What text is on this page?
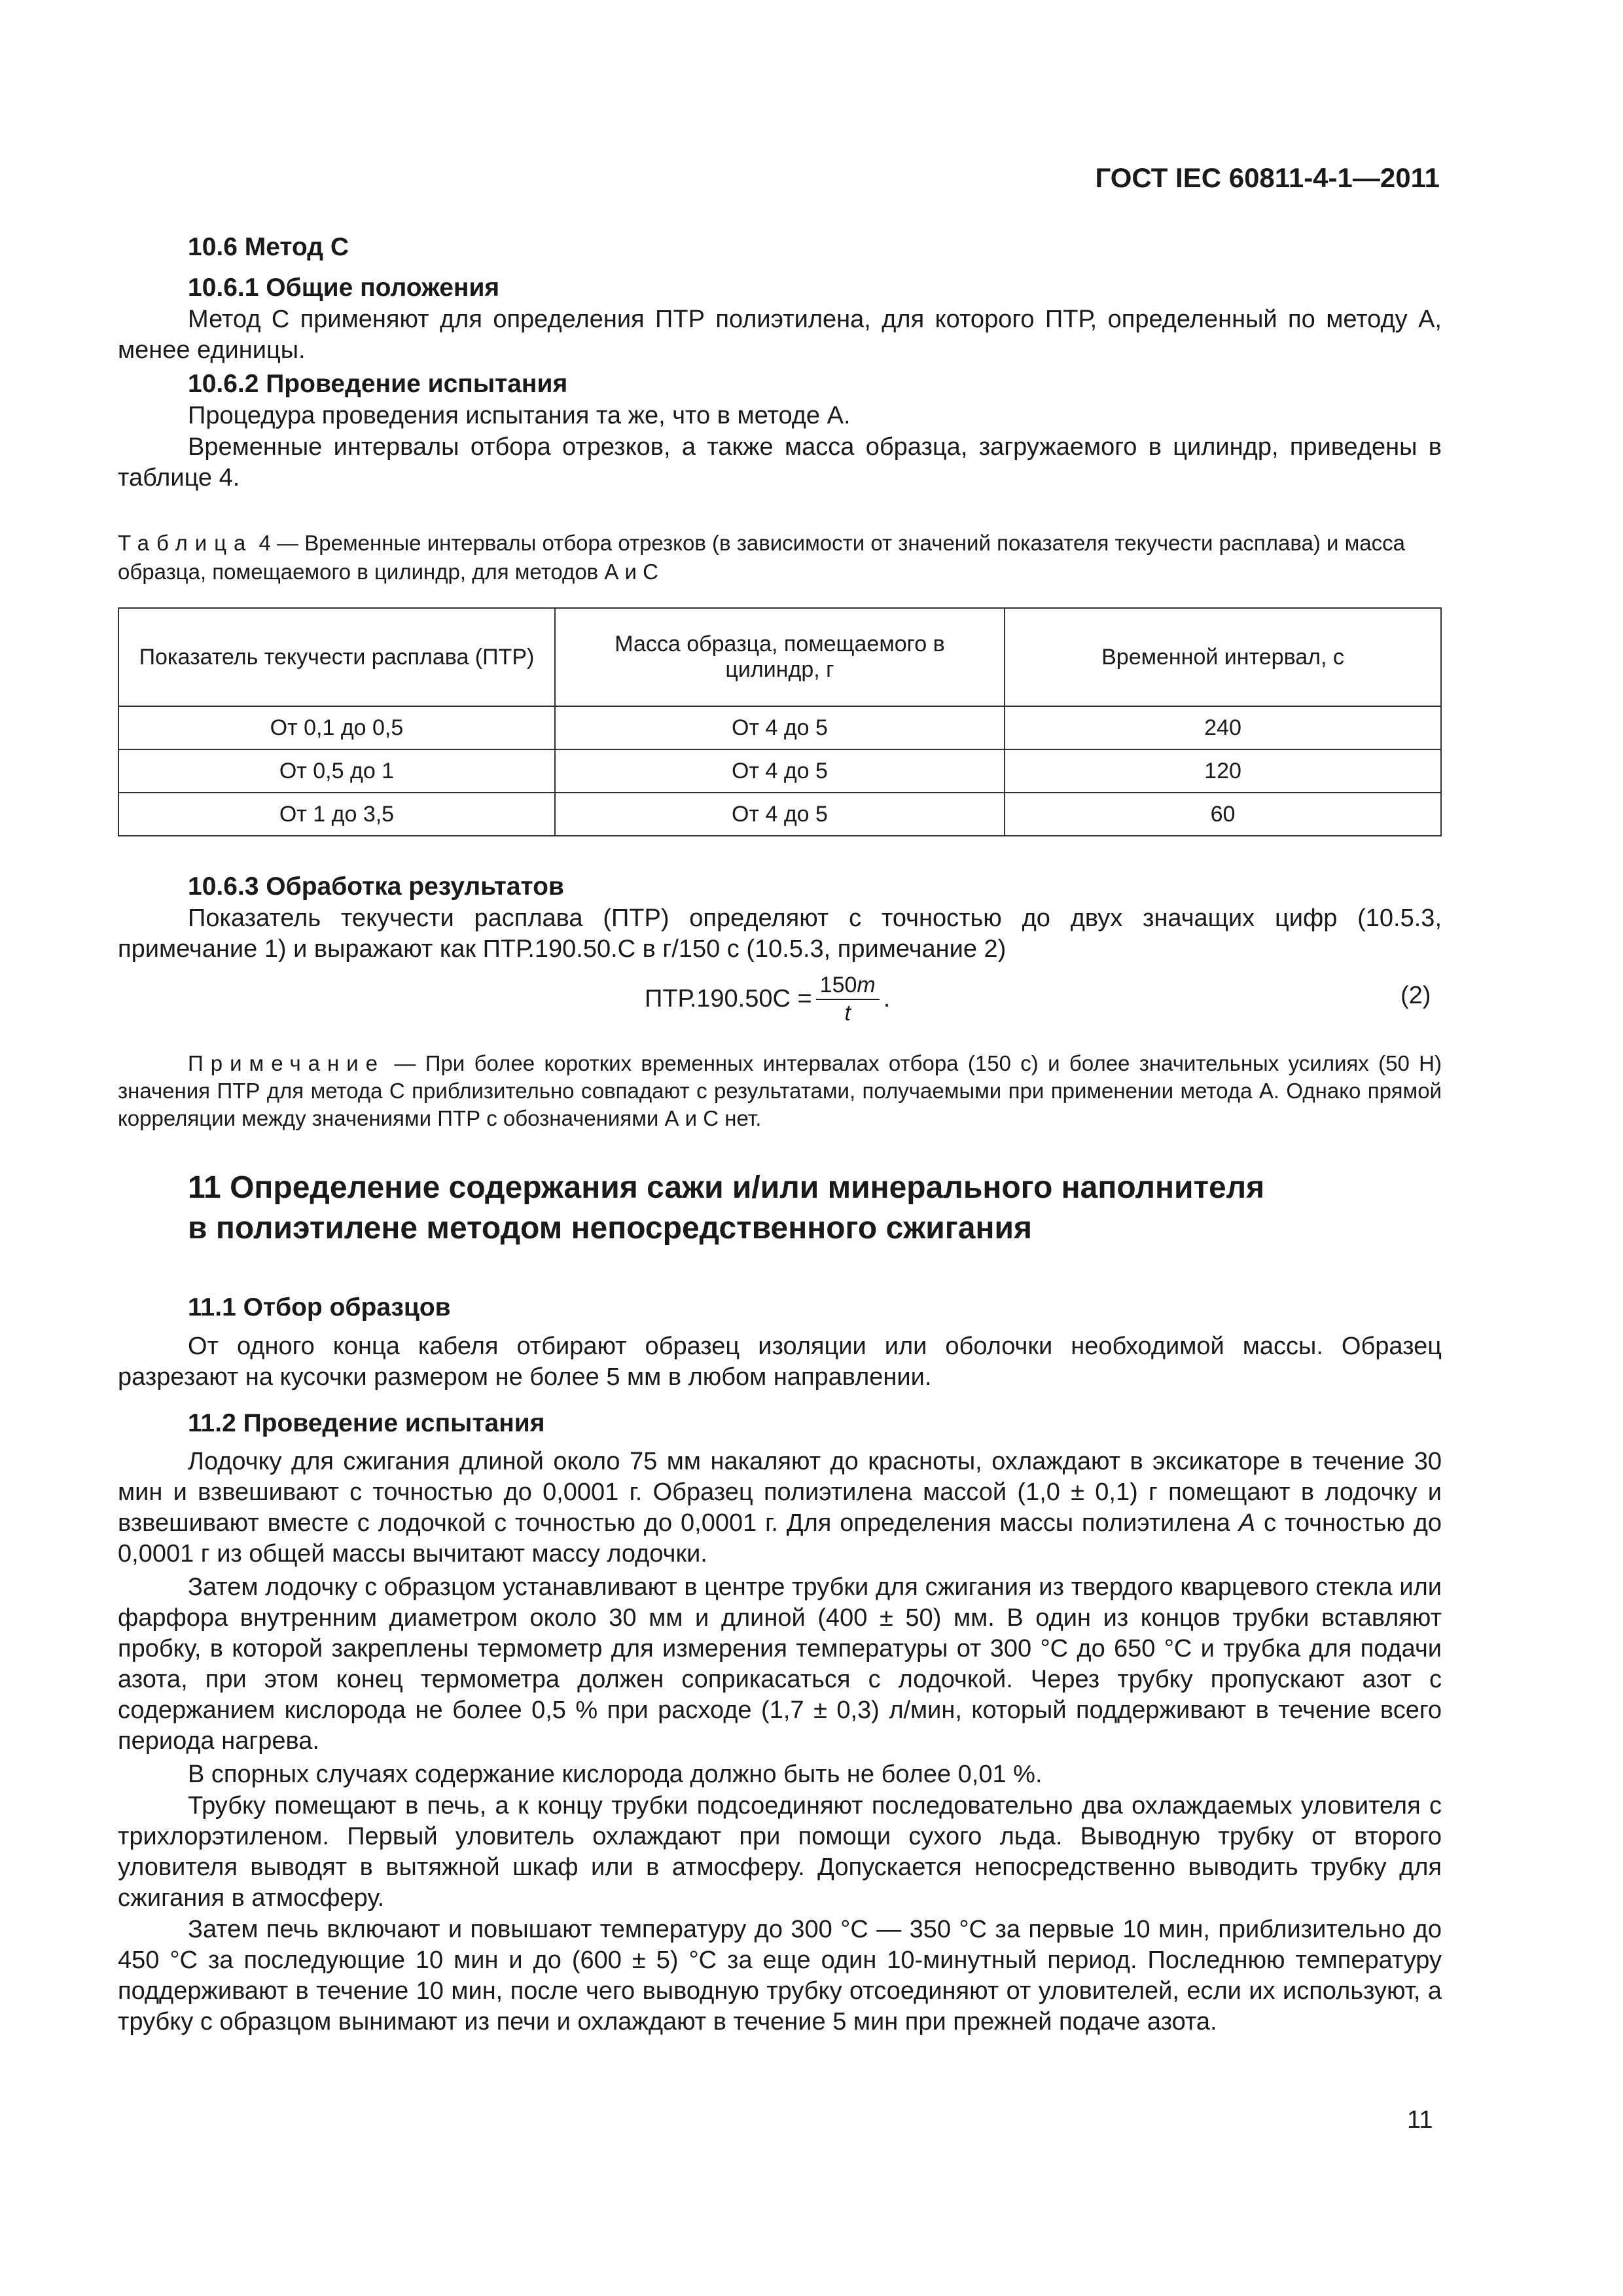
ГОСТ IEC 60811-4-1—2011
10.6 Метод С
10.6.1 Общие положения
Метод С применяют для определения ПТР полиэтилена, для которого ПТР, определенный по методу А, менее единицы.
10.6.2 Проведение испытания
Процедура проведения испытания та же, что в методе А.
Временные интервалы отбора отрезков, а также масса образца, загружаемого в цилиндр, приведены в таблице 4.
Таблица 4 — Временные интервалы отбора отрезков (в зависимости от значений показателя текучести расплава) и масса образца, помещаемого в цилиндр, для методов А и С
Показатель текучести расплава (ПТР)	Масса образца, помещаемого в цилиндр, г	Временной интервал, с
От 0,1 до 0,5	От 4 до 5	240
От 0,5 до 1	От 4 до 5	120
От 1 до 3,5	От 4 до 5	60
10.6.3 Обработка результатов
Показатель текучести расплава (ПТР) определяют с точностью до двух значащих цифр (10.5.3, примечание 1) и выражают как ПТР.190.50.С в г/150 с (10.5.3, примечание 2)
$ПТР.190.50С = \frac{150m}{t}$ .	(2)
Примечание — При более коротких временных интервалах отбора (150 с) и более значительных усилиях (50 Н) значения ПТР для метода С приблизительно совпадают с результатами, получаемыми при применении метода А. Однако прямой корреляции между значениями ПТР с обозначениями А и С нет.
11 Определение содержания сажи и/или минерального наполнителя
в полиэтилене методом непосредственного сжигания
11.1 Отбор образцов
От одного конца кабеля отбирают образец изоляции или оболочки необходимой массы. Образец разрезают на кусочки размером не более 5 мм в любом направлении.
11.2 Проведение испытания
Лодочку для сжигания длиной около 75 мм накаляют до красноты, охлаждают в эксикаторе в течение 30 мин и взвешивают с точностью до 0,0001 г. Образец полиэтилена массой (1,0 ± 0,1) г помещают в лодочку и взвешивают вместе с лодочкой с точностью до 0,0001 г. Для определения массы полиэтилена А с точностью до 0,0001 г из общей массы вычитают массу лодочки.
Затем лодочку с образцом устанавливают в центре трубки для сжигания из твердого кварцевого стекла или фарфора внутренним диаметром около 30 мм и длиной (400 ± 50) мм. В один из концов трубки вставляют пробку, в которой закреплены термометр для измерения температуры от 300 °С до 650 °С и трубка для подачи азота, при этом конец термометра должен соприкасаться с лодочкой. Через трубку пропускают азот с содержанием кислорода не более 0,5 % при расходе (1,7 ± 0,3) л/мин, который поддерживают в течение всего периода нагрева.
В спорных случаях содержание кислорода должно быть не более 0,01 %.
Трубку помещают в печь, а к концу трубки подсоединяют последовательно два охлаждаемых уловителя с трихлорэтиленом. Первый уловитель охлаждают при помощи сухого льда. Выводную трубку от второго уловителя выводят в вытяжной шкаф или в атмосферу. Допускается непосредственно выводить трубку для сжигания в атмосферу.
Затем печь включают и повышают температуру до 300 °С — 350 °С за первые 10 мин, приблизительно до 450 °С за последующие 10 мин и до (600 ± 5) °С за еще один 10-минутный период. Последнюю температуру поддерживают в течение 10 мин, после чего выводную трубку отсоединяют от уловителей, если их используют, а трубку с образцом вынимают из печи и охлаждают в течение 5 мин при прежней подаче азота.
11
